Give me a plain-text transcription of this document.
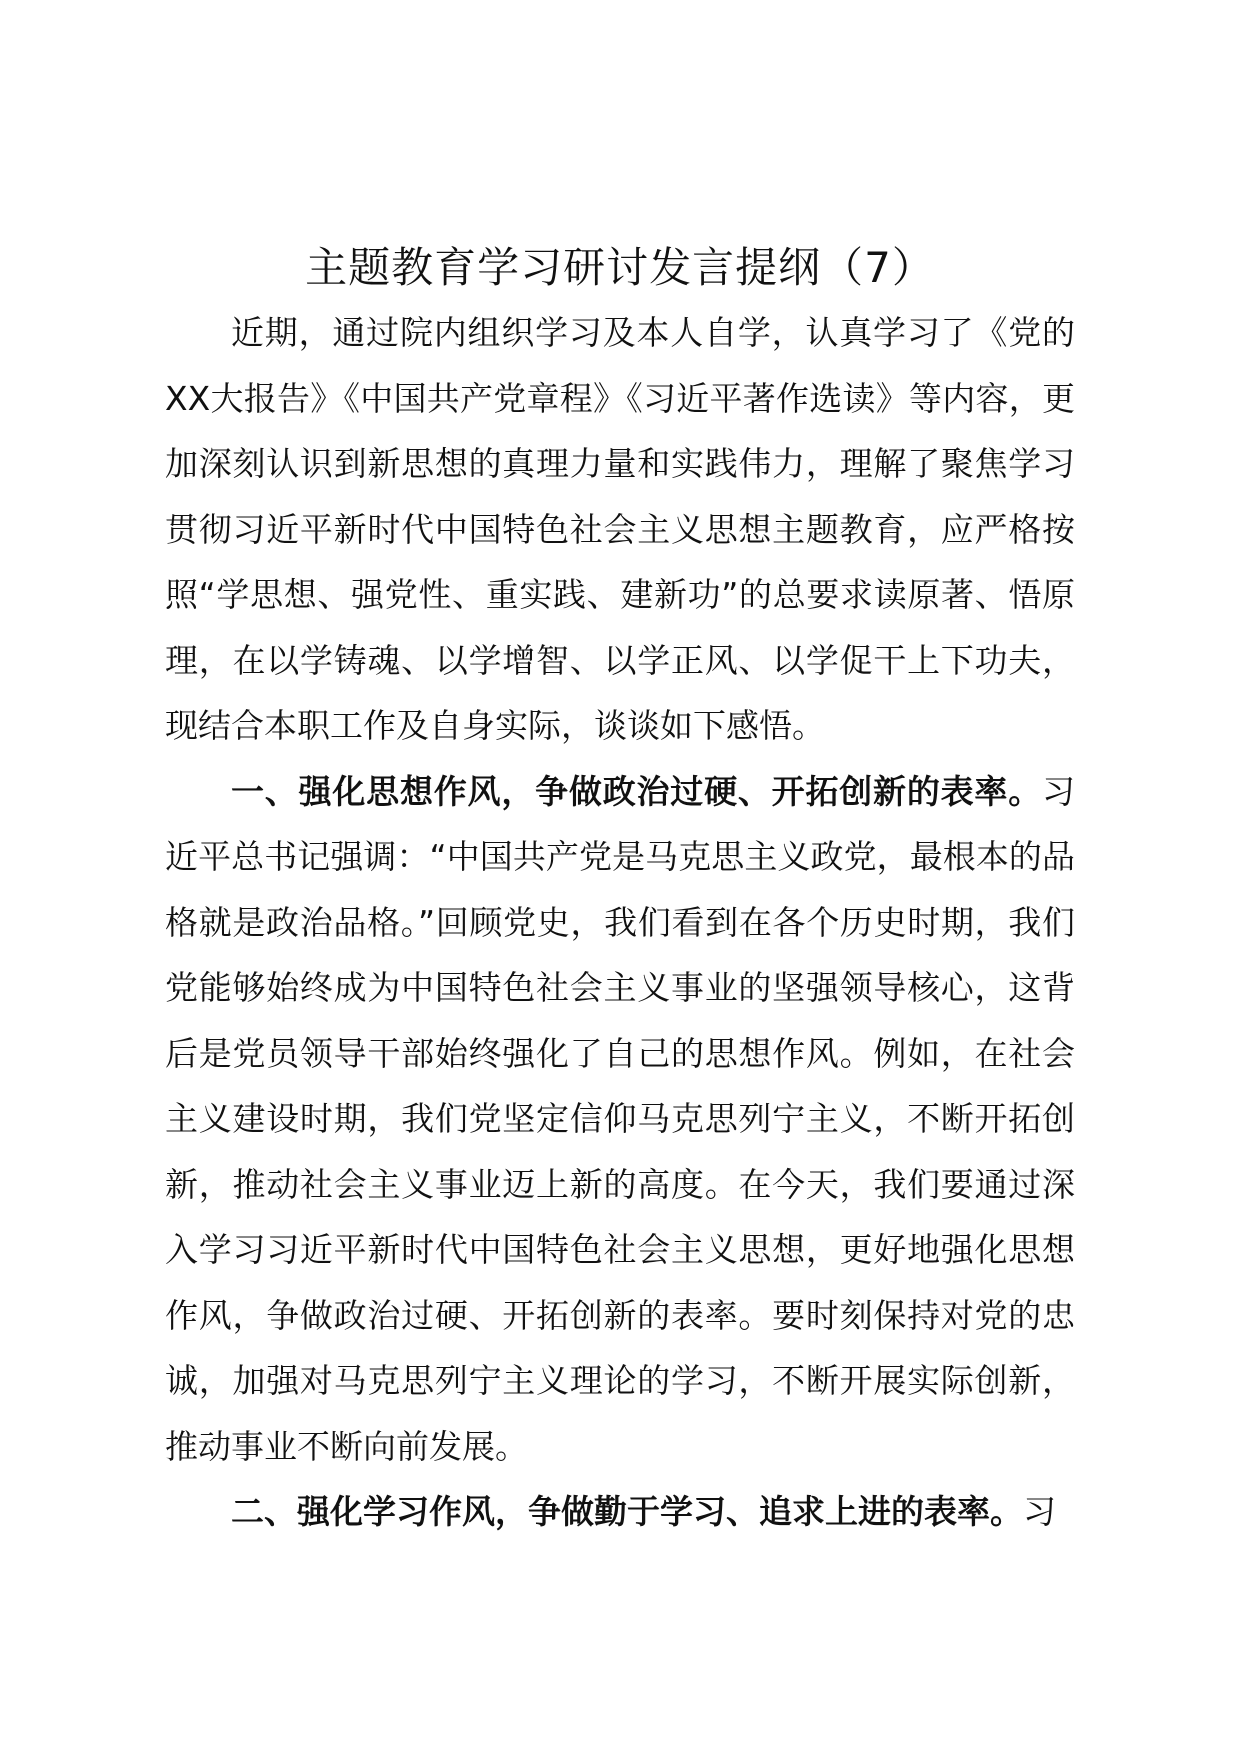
主题教育学习研讨发言提纲（7）

近期，通过院内组织学习及本人自学，认真学习了《党的XX大报告》《中国共产党章程》《习近平著作选读》等内容，更加深刻认识到新思想的真理力量和实践伟力，理解了聚焦学习贯彻习近平新时代中国特色社会主义思想主题教育，应严格按照“学思想、强党性、重实践、建新功”的总要求读原著、悟原理，在以学铸魂、以学增智、以学正风、以学促干上下功夫，现结合本职工作及自身实际，谈谈如下感悟。

一、强化思想作风，争做政治过硬、开拓创新的表率。习近平总书记强调：“中国共产党是马克思主义政党，最根本的品格就是政治品格。”回顾党史，我们看到在各个历史时期，我们党能够始终成为中国特色社会主义事业的坚强领导核心，这背后是党员领导干部始终强化了自己的思想作风。例如，在社会主义建设时期，我们党坚定信仰马克思列宁主义，不断开拓创新，推动社会主义事业迈上新的高度。在今天，我们要通过深入学习习近平新时代中国特色社会主义思想，更好地强化思想作风，争做政治过硬、开拓创新的表率。要时刻保持对党的忠诚，加强对马克思列宁主义理论的学习，不断开展实际创新，推动事业不断向前发展。

二、强化学习作风，争做勤于学习、追求上进的表率。习
